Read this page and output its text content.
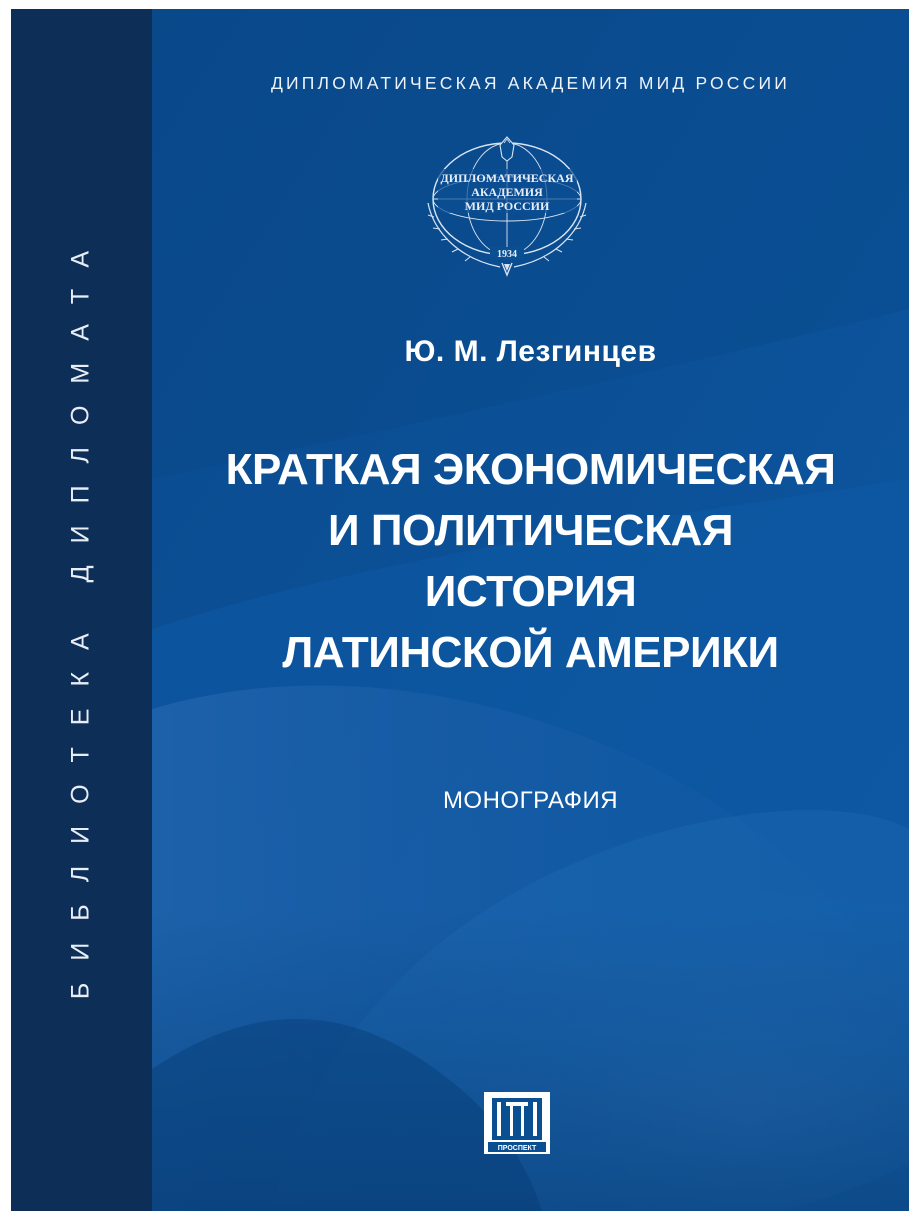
БИБЛИОТЕКА ДИПЛОМАТА
ДИПЛОМАТИЧЕСКАЯ АКАДЕМИЯ МИД РОССИИ
ДИПЛОМАТИЧЕСКАЯ
АКАДЕМИЯ
МИД РОССИИ
1934
Ю. М. Лезгинцев
КРАТКАЯ ЭКОНОМИЧЕСКАЯ
И ПОЛИТИЧЕСКАЯ
ИСТОРИЯ
ЛАТИНСКОЙ АМЕРИКИ
МОНОГРАФИЯ
ПРОСПЕКТ
